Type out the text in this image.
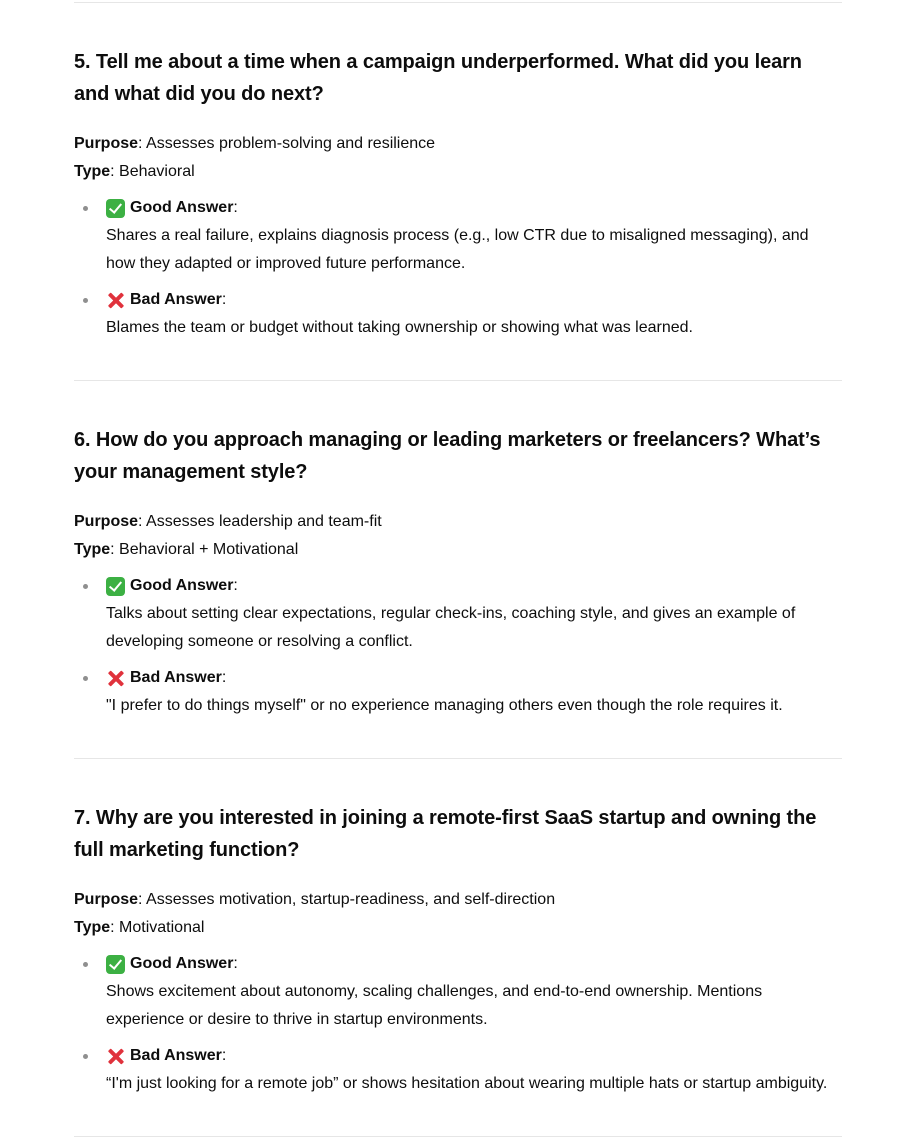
5. Tell me about a time when a campaign underperformed. What did you learn and what did you do next?

Purpose: Assesses problem-solving and resilience

Type: Behavioral

Good Answer :

Shares a real failure, explains diagnosis process (e.g., low CTR due to misaligned messaging), and how they adapted or improved future performance.

Bad Answer :

Blames the team or budget without taking ownership or showing what was learned.

6. How do you approach managing or leading marketers or freelancers? What’s your management style?

Purpose: Assesses leadership and team-fit

Type: Behavioral + Motivational

Good Answer :

Talks about setting clear expectations, regular check-ins, coaching style, and gives an example of developing someone or resolving a conflict.

Bad Answer :

"I prefer to do things myself" or no experience managing others even though the role requires it.

7. Why are you interested in joining a remote-first SaaS startup and owning the full marketing function?

Purpose: Assesses motivation, startup-readiness, and self-direction

Type: Motivational

Good Answer :

Shows excitement about autonomy, scaling challenges, and end-to-end ownership. Mentions experience or desire to thrive in startup environments.

Bad Answer :

“I'm just looking for a remote job” or shows hesitation about wearing multiple hats or startup ambiguity.
